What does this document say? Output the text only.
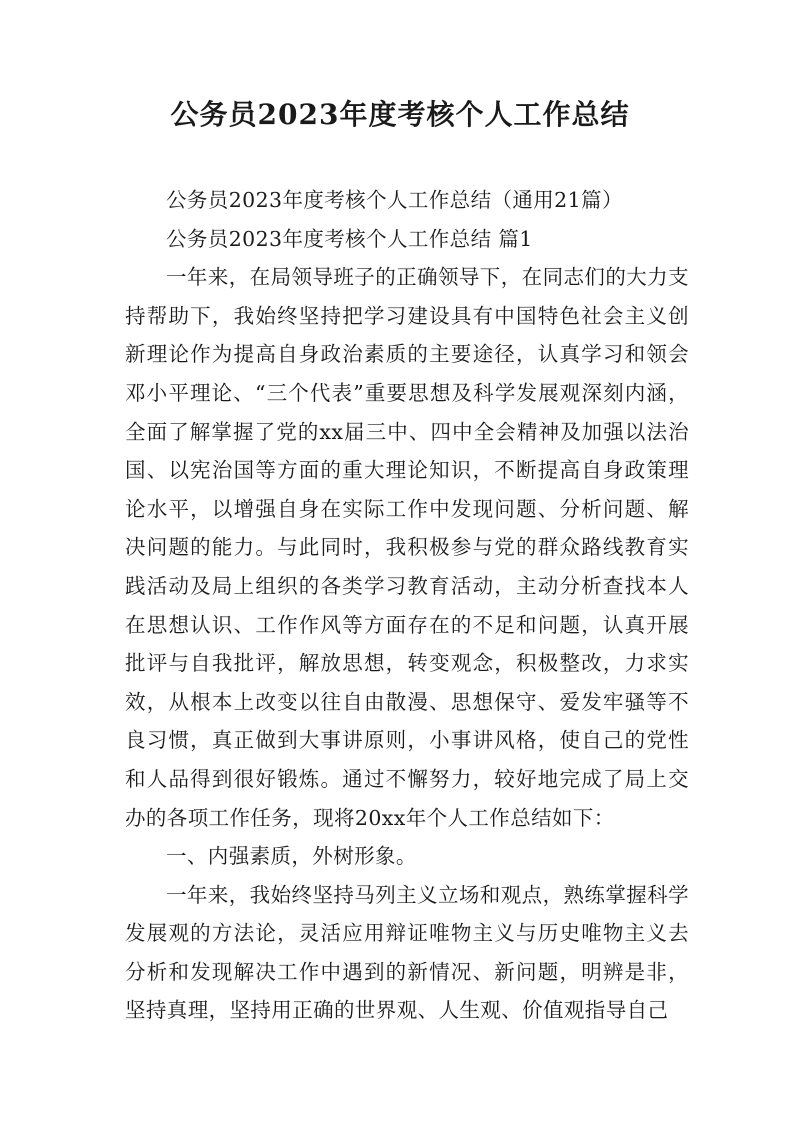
公务员2023年度考核个人工作总结

公务员2023年度考核个人工作总结（通用21篇）

公务员2023年度考核个人工作总结 篇1

一年来，在局领导班子的正确领导下，在同志们的大力支持帮助下，我始终坚持把学习建设具有中国特色社会主义创新理论作为提高自身政治素质的主要途径，认真学习和领会邓小平理论、“三个代表”重要思想及科学发展观深刻内涵，全面了解掌握了党的xx届三中、四中全会精神及加强以法治国、以宪治国等方面的重大理论知识，不断提高自身政策理论水平，以增强自身在实际工作中发现问题、分析问题、解决问题的能力。与此同时，我积极参与党的群众路线教育实践活动及局上组织的各类学习教育活动，主动分析查找本人在思想认识、工作作风等方面存在的不足和问题，认真开展批评与自我批评，解放思想，转变观念，积极整改，力求实效，从根本上改变以往自由散漫、思想保守、爱发牢骚等不良习惯，真正做到大事讲原则，小事讲风格，使自己的党性和人品得到很好锻炼。通过不懈努力，较好地完成了局上交办的各项工作任务，现将20xx年个人工作总结如下：

一、内强素质，外树形象。

一年来，我始终坚持马列主义立场和观点，熟练掌握科学发展观的方法论，灵活应用辩证唯物主义与历史唯物主义去分析和发现解决工作中遇到的新情况、新问题，明辨是非，坚持真理，坚持用正确的世界观、人生观、价值观指导自己
